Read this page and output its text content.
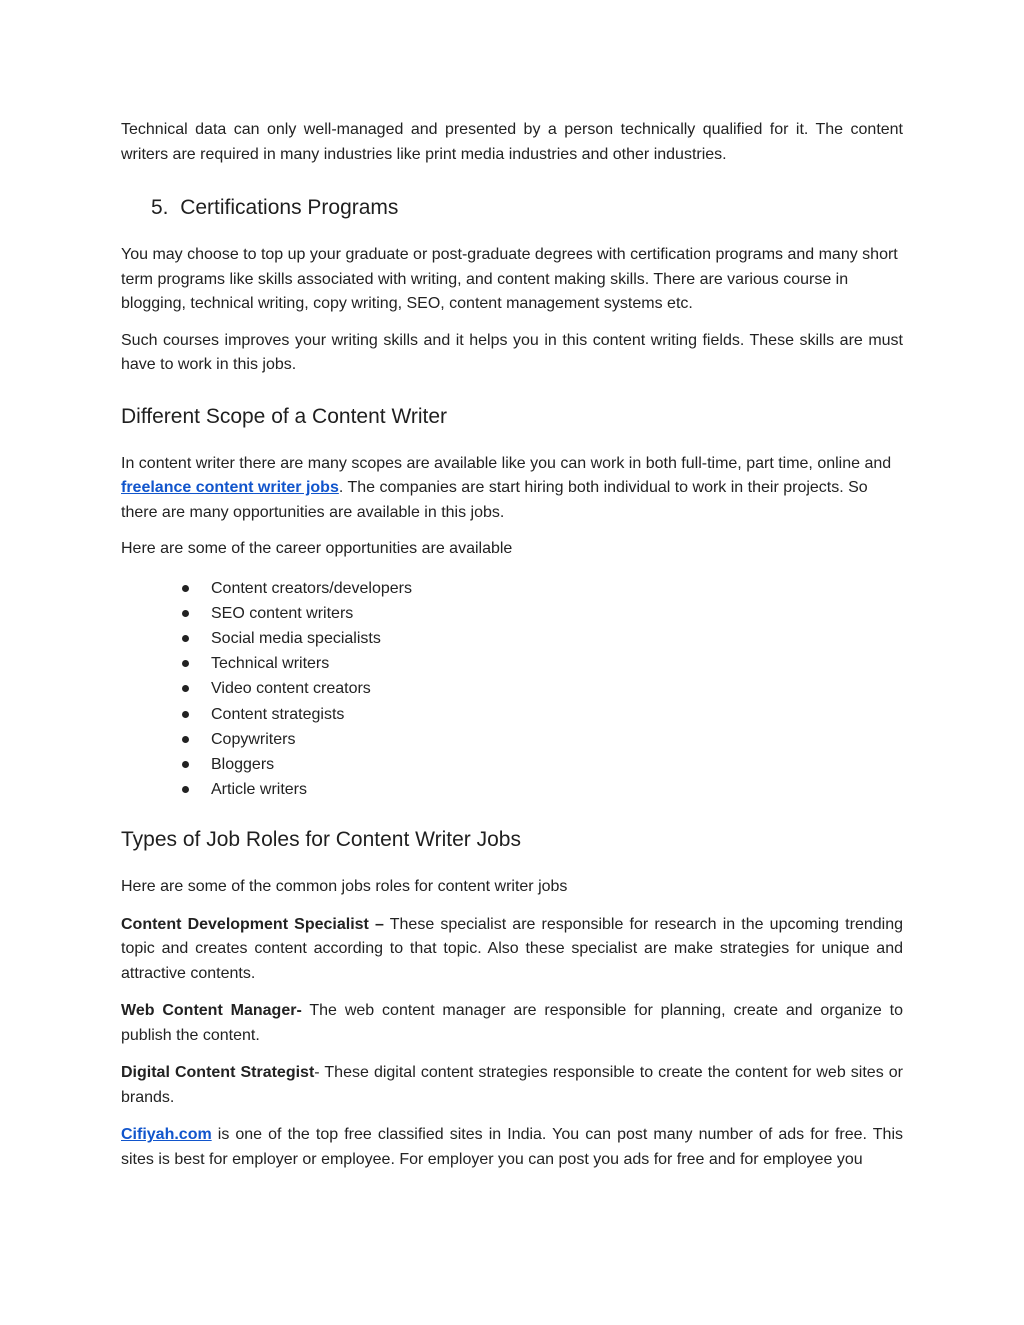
Technical data can only well-managed and presented by a person technically qualified for it. The content writers are required in many industries like print media industries and other industries.

5. Certifications Programs

You may choose to top up your graduate or post-graduate degrees with certification programs and many short term programs like skills associated with writing, and content making skills. There are various course in blogging, technical writing, copy writing, SEO, content management systems etc.

Such courses improves your writing skills and it helps you in this content writing fields. These skills are must have to work in this jobs.

Different Scope of a Content Writer

In content writer there are many scopes are available like you can work in both full-time, part time, online and freelance content writer jobs. The companies are start hiring both individual to work in their projects. So there are many opportunities are available in this jobs.

Here are some of the career opportunities are available

Content creators/developers
SEO content writers
Social media specialists
Technical writers
Video content creators
Content strategists
Copywriters
Bloggers
Article writers

Types of Job Roles for Content Writer Jobs

Here are some of the common jobs roles for content writer jobs

Content Development Specialist – These specialist are responsible for research in the upcoming trending topic and creates content according to that topic. Also these specialist are make strategies for unique and attractive contents.

Web Content Manager- The web content manager are responsible for planning, create and organize to publish the content.

Digital Content Strategist- These digital content strategies responsible to create the content for web sites or brands.

Cifiyah.com is one of the top free classified sites in India. You can post many number of ads for free. This sites is best for employer or employee. For employer you can post you ads for free and for employee you
